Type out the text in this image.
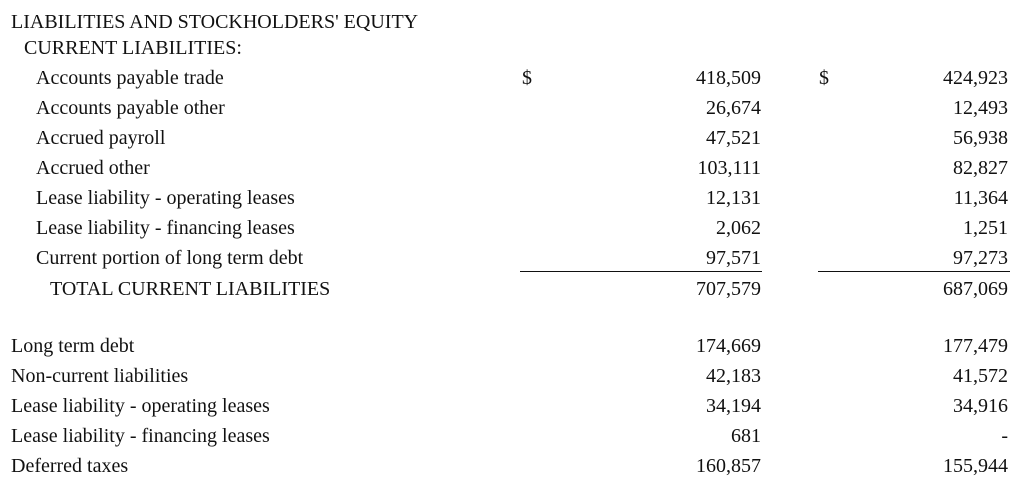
LIABILITIES AND STOCKHOLDERS' EQUITY
CURRENT LIABILITIES:
Accounts payable trade	$	418,509	$	424,923
Accounts payable other	26,674	12,493
Accrued payroll	47,521	56,938
Accrued other	103,111	82,827
Lease liability - operating leases	12,131	11,364
Lease liability - financing leases	2,062	1,251
Current portion of long term debt	97,571	97,273
TOTAL CURRENT LIABILITIES	707,579	687,069
Long term debt	174,669	177,479
Non-current liabilities	42,183	41,572
Lease liability - operating leases	34,194	34,916
Lease liability - financing leases	681	-
Deferred taxes	160,857	155,944
